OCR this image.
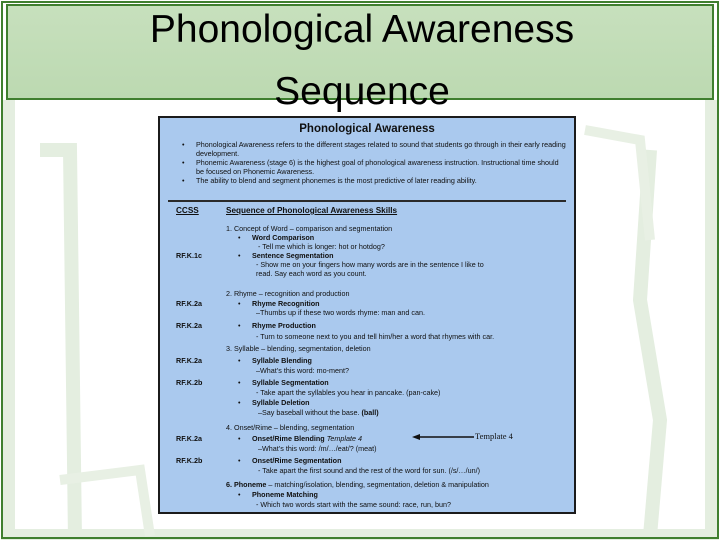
Phonological Awareness
Sequence
Phonological Awareness
• Phonological Awareness refers to the different stages related to sound that students go through in their early reading development.
• Phonemic Awareness (stage 6) is the highest goal of phonological awareness instruction. Instructional time should be focused on Phonemic Awareness.
• The ability to blend and segment phonemes is the most predictive of later reading ability.
CCSS	Sequence of Phonological Awareness Skills
RF.K.1c
RF.K.2a
RF.K.2a
RF.K.2a
RF.K.2b
RF.K.2a
RF.K.2b
1. Concept of Word – comparison and segmentation
• Word Comparison
- Tell me which is longer: hot or hotdog?
• Sentence Segmentation
- Show me on your fingers how many words are in the sentence I like to
read. Say each word as you count.
2. Rhyme – recognition and production
• Rhyme Recognition
–Thumbs up if these two words rhyme: man and can.
• Rhyme Production
- Turn to someone next to you and tell him/her a word that rhymes with car.
3. Syllable – blending, segmentation, deletion
• Syllable Blending
–What’s this word: mo-ment?
• Syllable Segmentation
- Take apart the syllables you hear in pancake. (pan-cake)
• Syllable Deletion
–Say baseball without the base. (ball)
4. Onset/Rime – blending, segmentation
• Onset/Rime Blending Template 4
–What’s this word: /m/…/eat/? (meat)
• Onset/Rime Segmentation
- Take apart the first sound and the rest of the word for sun. (/s/…/un/)
Template 4
6. Phoneme – matching/isolation, blending, segmentation, deletion & manipulation
• Phoneme Matching
- Which two words start with the same sound: race, run, bun?
